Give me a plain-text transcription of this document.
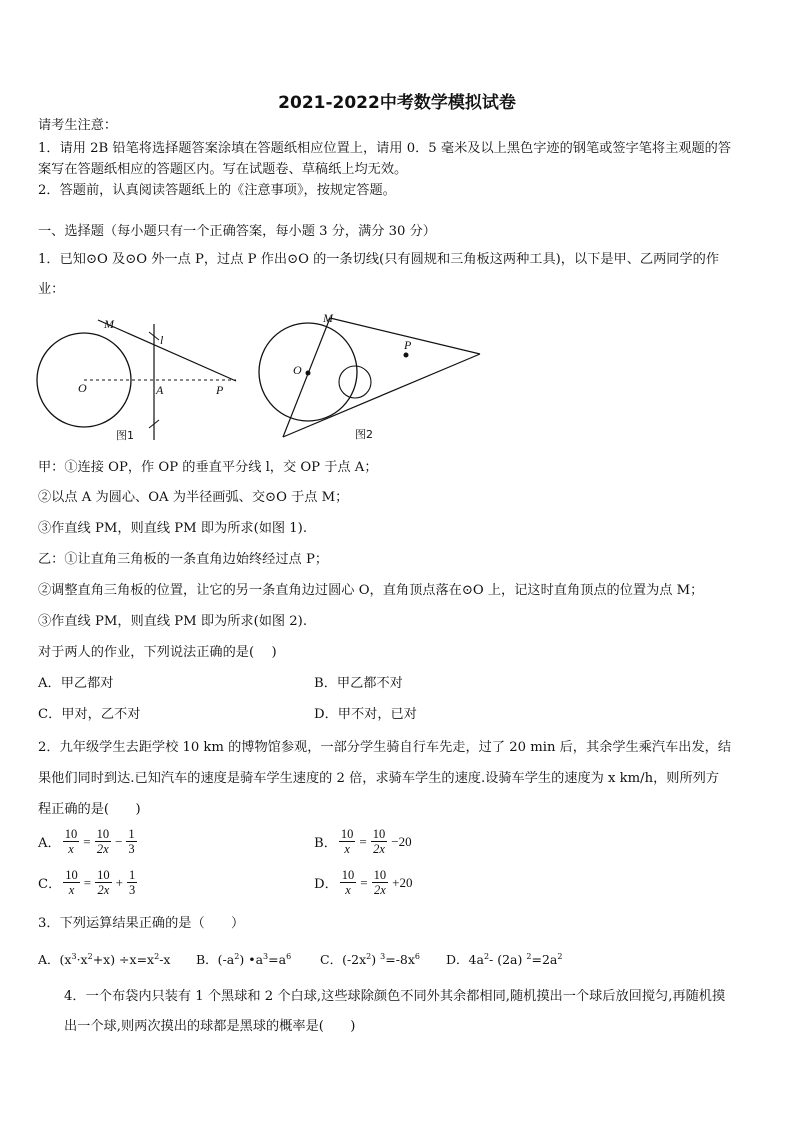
2021-2022中考数学模拟试卷
请考生注意：
1．请用 2B 铅笔将选择题答案涂填在答题纸相应位置上，请用 0．5 毫米及以上黑色字迹的钢笔或签字笔将主观题的答
案写在答题纸相应的答题区内。写在试题卷、草稿纸上均无效。
2．答题前，认真阅读答题纸上的《注意事项》，按规定答题。
一、选择题（每小题只有一个正确答案，每小题 3 分，满分 30 分）
1．已知⊙O 及⊙O 外一点 P，过点 P 作出⊙O 的一条切线(只有圆规和三角板这两种工具)，以下是甲、乙两同学的作
业：
M
l
O	A	P
图1
M
P
O
图2
甲：①连接 OP，作 OP 的垂直平分线 l，交 OP 于点 A；
②以点 A 为圆心、OA 为半径画弧、交⊙O 于点 M；
③作直线 PM，则直线 PM 即为所求(如图 1).
乙：①让直角三角板的一条直角边始终经过点 P；
②调整直角三角板的位置，让它的另一条直角边过圆心 O，直角顶点落在⊙O 上，记这时直角顶点的位置为点 M；
③作直线 PM，则直线 PM 即为所求(如图 2).
对于两人的作业，下列说法正确的是(　 )
A．甲乙都对	B．甲乙都不对
C．甲对，乙不对	D．甲不对，已对
2．九年级学生去距学校 10 km 的博物馆参观，一部分学生骑自行车先走，过了 20 min 后，其余学生乘汽车出发，结
果他们同时到达.已知汽车的速度是骑车学生速度的 2 倍，求骑车学生的速度.设骑车学生的速度为 x km/h，则所列方
程正确的是(　　)
A． $\frac{10}{x} = \frac{10}{2x} - \frac{1}{3}$	B． $\frac{10}{x} = \frac{10}{2x} -20$
C． $\frac{10}{x} = \frac{10}{2x} + \frac{1}{3}$	D． $\frac{10}{x} = \frac{10}{2x} +20$
3．下列运算结果正确的是（　　）
A．$(x^3\cdot x^2+x) \div x=x^2-x$ B．$(-a^2)$ $•a^3=a^6$ C．$(-2x^2)$ $^3=-8x^6$ D．$4a^2-$ (2a) $^2=2a^2$
4．一个布袋内只装有 1 个黑球和 2 个白球,这些球除颜色不同外其余都相同,随机摸出一个球后放回搅匀,再随机摸
出一个球,则两次摸出的球都是黑球的概率是(　　)
